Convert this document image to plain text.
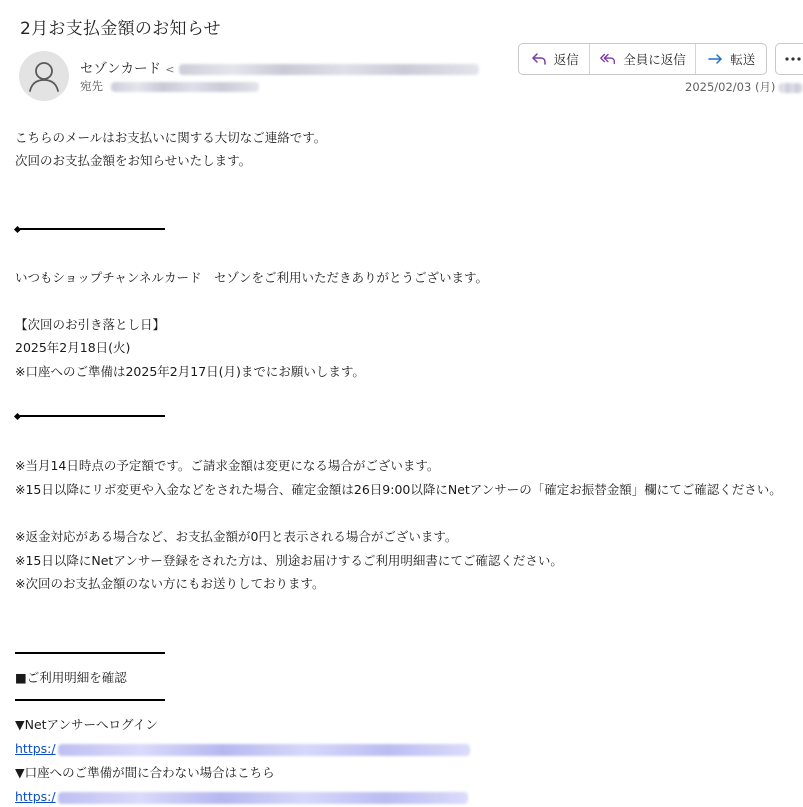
2月お支払金額のお知らせ
セゾンカード <
宛先
返信	全員に返信	転送
2025/02/03 (月)
こちらのメールはお支払いに関する大切なご連絡です。
次回のお支払金額をお知らせいたします。
いつもショップチャンネルカード　セゾンをご利用いただきありがとうございます。
【次回のお引き落とし日】
2025年2月18日(火)
※口座へのご準備は2025年2月17日(月)までにお願いします。
※当月14日時点の予定額です。ご請求金額は変更になる場合がございます。
※15日以降にリボ変更や入金などをされた場合、確定金額は26日9:00以降にNetアンサーの「確定お振替金額」欄にてご確認ください。
※返金対応がある場合など、お支払金額が0円と表示される場合がございます。
※15日以降にNetアンサー登録をされた方は、別途お届けするご利用明細書にてご確認ください。
※次回のお支払金額のない方にもお送りしております。
■ご利用明細を確認
▼Netアンサーへログイン
https:/
▼口座へのご準備が間に合わない場合はこちら
https:/
